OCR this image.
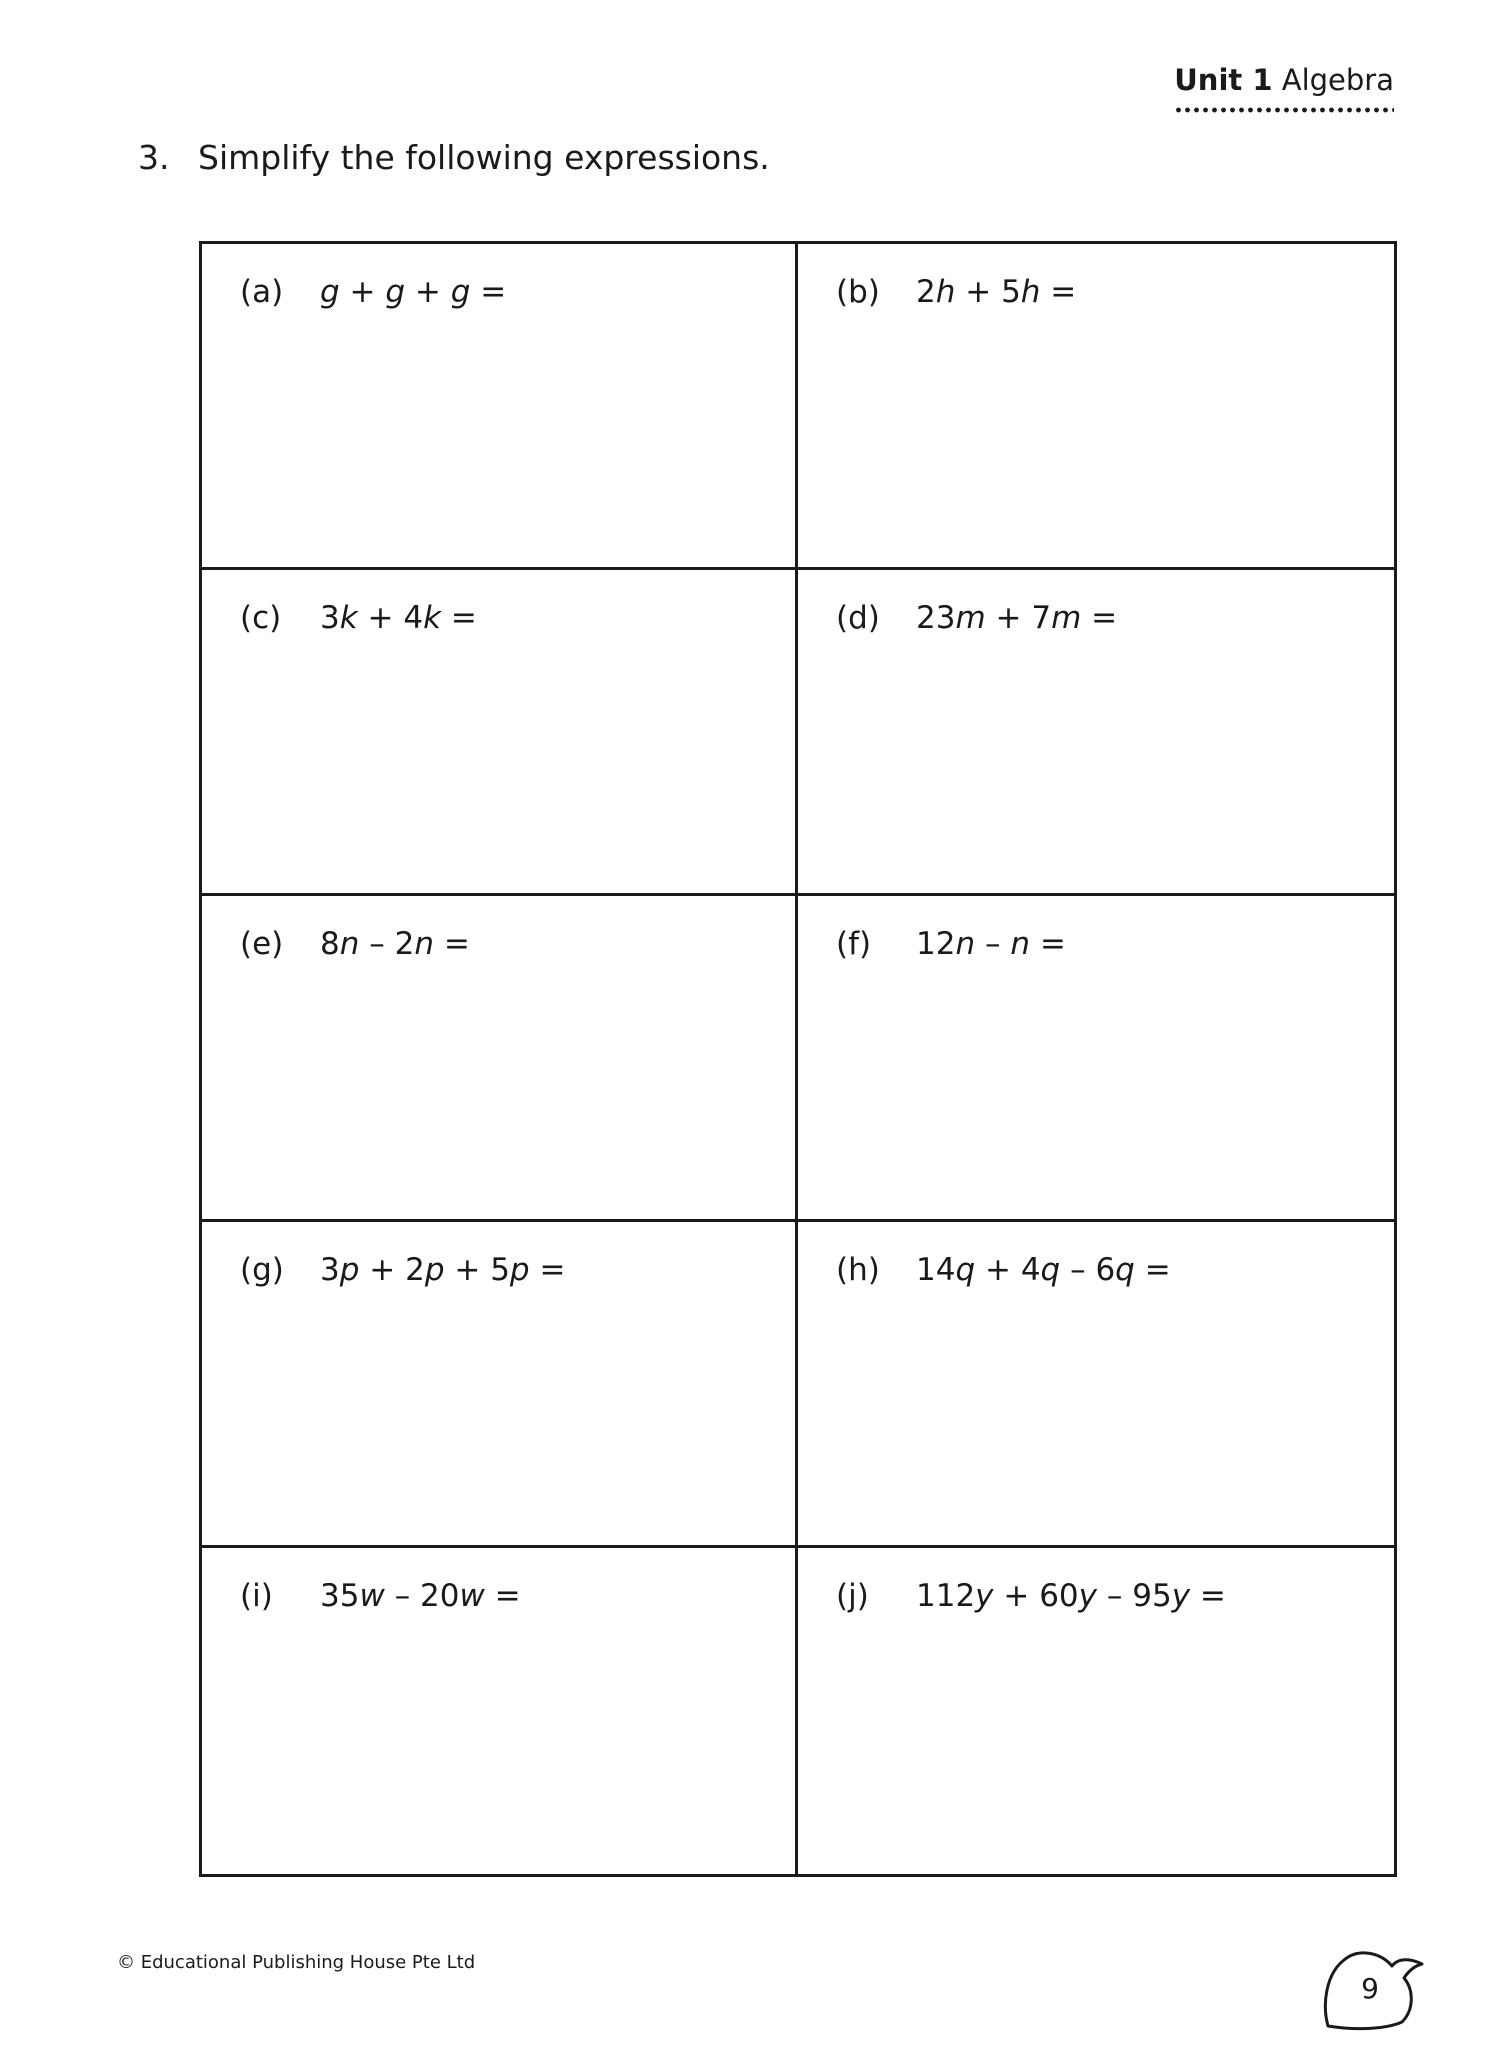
Unit 1 Algebra
3. Simplify the following expressions.
(a) g + g + g =	(b) 2h + 5h =
(c) 3k + 4k =	(d) 23m + 7m =
(e) 8n – 2n =	(f) 12n – n =
(g) 3p + 2p + 5p =	(h) 14q + 4q – 6q =
(i) 35w – 20w =	(j) 112y + 60y – 95y =
© Educational Publishing House Pte Ltd
9
